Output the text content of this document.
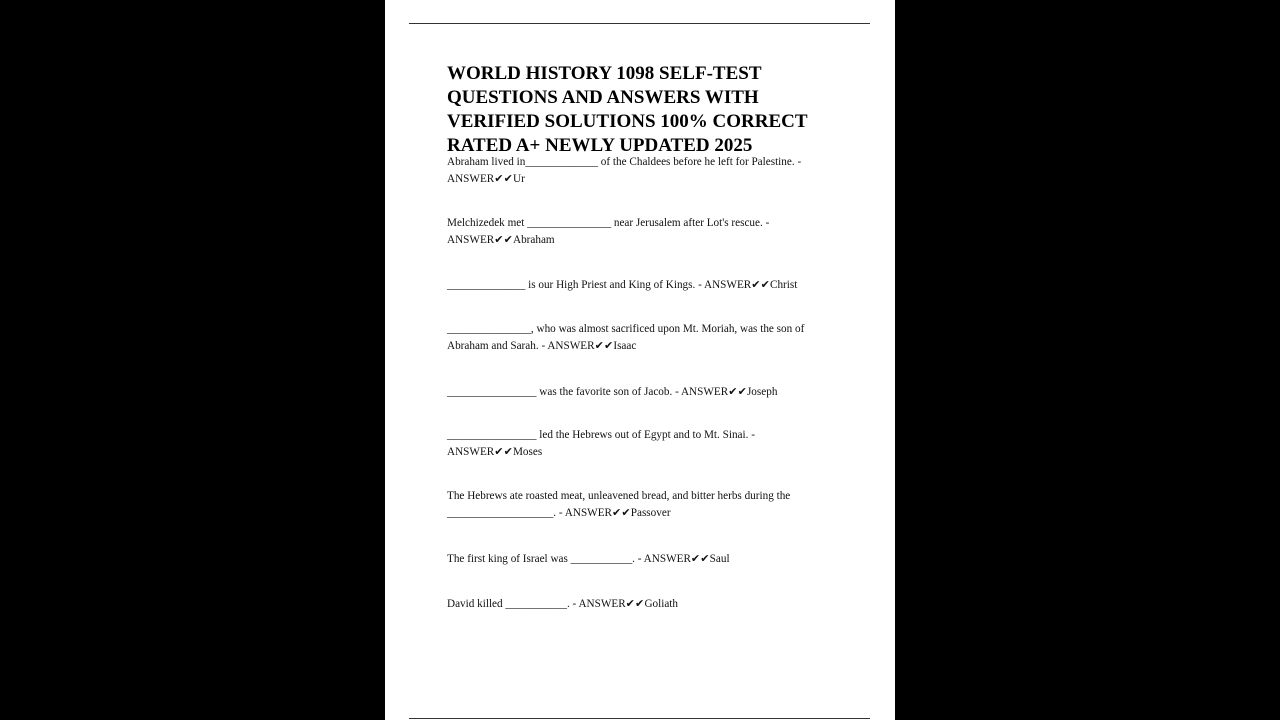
WORLD HISTORY 1098 SELF-TEST QUESTIONS AND ANSWERS WITH VERIFIED SOLUTIONS 100% CORRECT RATED A+ NEWLY UPDATED 2025
Abraham lived in_____________ of the Chaldees before he left for Palestine. - ANSWER✔✔Ur
Melchizedek met _______________ near Jerusalem after Lot's rescue. - ANSWER✔✔Abraham
______________ is our High Priest and King of Kings. - ANSWER✔✔Christ
_______________, who was almost sacrificed upon Mt. Moriah, was the son of Abraham and Sarah. - ANSWER✔✔Isaac
________________ was the favorite son of Jacob. - ANSWER✔✔Joseph
________________ led the Hebrews out of Egypt and to Mt. Sinai. - ANSWER✔✔Moses
The Hebrews ate roasted meat, unleavened bread, and bitter herbs during the ___________________. - ANSWER✔✔Passover
The first king of Israel was ___________. - ANSWER✔✔Saul
David killed ___________. - ANSWER✔✔Goliath
